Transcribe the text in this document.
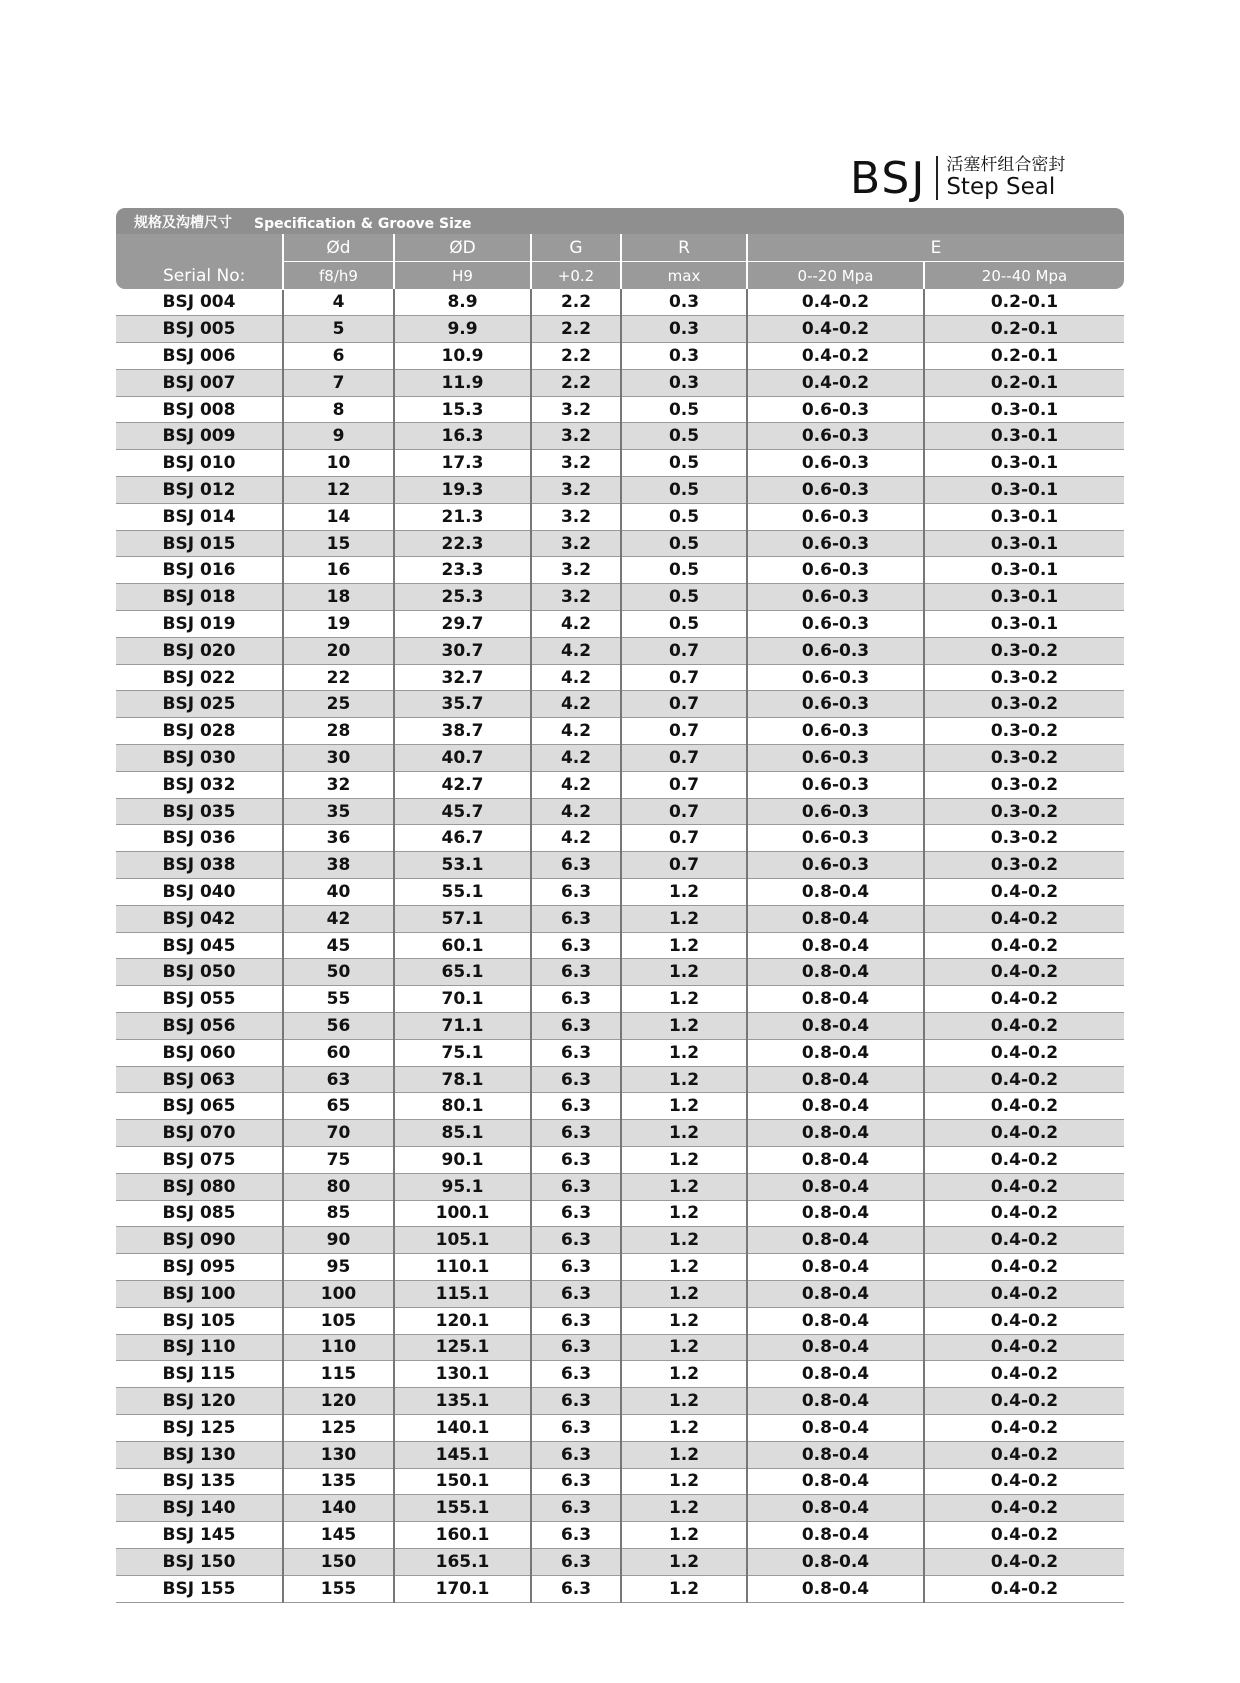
BSJ 活塞杆组合密封
Step Seal
规格及沟槽尺寸 Specification & Groove Size
Serial No:	Ød	ØD	G	R	E	
	f8/h9	H9	+0.2	max	0--20 Mpa	20--40 Mpa
BSJ 004	4	8.9	2.2	0.3	0.4-0.2	0.2-0.1
BSJ 005	5	9.9	2.2	0.3	0.4-0.2	0.2-0.1
BSJ 006	6	10.9	2.2	0.3	0.4-0.2	0.2-0.1
BSJ 007	7	11.9	2.2	0.3	0.4-0.2	0.2-0.1
BSJ 008	8	15.3	3.2	0.5	0.6-0.3	0.3-0.1
BSJ 009	9	16.3	3.2	0.5	0.6-0.3	0.3-0.1
BSJ 010	10	17.3	3.2	0.5	0.6-0.3	0.3-0.1
BSJ 012	12	19.3	3.2	0.5	0.6-0.3	0.3-0.1
BSJ 014	14	21.3	3.2	0.5	0.6-0.3	0.3-0.1
BSJ 015	15	22.3	3.2	0.5	0.6-0.3	0.3-0.1
BSJ 016	16	23.3	3.2	0.5	0.6-0.3	0.3-0.1
BSJ 018	18	25.3	3.2	0.5	0.6-0.3	0.3-0.1
BSJ 019	19	29.7	4.2	0.5	0.6-0.3	0.3-0.1
BSJ 020	20	30.7	4.2	0.7	0.6-0.3	0.3-0.2
BSJ 022	22	32.7	4.2	0.7	0.6-0.3	0.3-0.2
BSJ 025	25	35.7	4.2	0.7	0.6-0.3	0.3-0.2
BSJ 028	28	38.7	4.2	0.7	0.6-0.3	0.3-0.2
BSJ 030	30	40.7	4.2	0.7	0.6-0.3	0.3-0.2
BSJ 032	32	42.7	4.2	0.7	0.6-0.3	0.3-0.2
BSJ 035	35	45.7	4.2	0.7	0.6-0.3	0.3-0.2
BSJ 036	36	46.7	4.2	0.7	0.6-0.3	0.3-0.2
BSJ 038	38	53.1	6.3	0.7	0.6-0.3	0.3-0.2
BSJ 040	40	55.1	6.3	1.2	0.8-0.4	0.4-0.2
BSJ 042	42	57.1	6.3	1.2	0.8-0.4	0.4-0.2
BSJ 045	45	60.1	6.3	1.2	0.8-0.4	0.4-0.2
BSJ 050	50	65.1	6.3	1.2	0.8-0.4	0.4-0.2
BSJ 055	55	70.1	6.3	1.2	0.8-0.4	0.4-0.2
BSJ 056	56	71.1	6.3	1.2	0.8-0.4	0.4-0.2
BSJ 060	60	75.1	6.3	1.2	0.8-0.4	0.4-0.2
BSJ 063	63	78.1	6.3	1.2	0.8-0.4	0.4-0.2
BSJ 065	65	80.1	6.3	1.2	0.8-0.4	0.4-0.2
BSJ 070	70	85.1	6.3	1.2	0.8-0.4	0.4-0.2
BSJ 075	75	90.1	6.3	1.2	0.8-0.4	0.4-0.2
BSJ 080	80	95.1	6.3	1.2	0.8-0.4	0.4-0.2
BSJ 085	85	100.1	6.3	1.2	0.8-0.4	0.4-0.2
BSJ 090	90	105.1	6.3	1.2	0.8-0.4	0.4-0.2
BSJ 095	95	110.1	6.3	1.2	0.8-0.4	0.4-0.2
BSJ 100	100	115.1	6.3	1.2	0.8-0.4	0.4-0.2
BSJ 105	105	120.1	6.3	1.2	0.8-0.4	0.4-0.2
BSJ 110	110	125.1	6.3	1.2	0.8-0.4	0.4-0.2
BSJ 115	115	130.1	6.3	1.2	0.8-0.4	0.4-0.2
BSJ 120	120	135.1	6.3	1.2	0.8-0.4	0.4-0.2
BSJ 125	125	140.1	6.3	1.2	0.8-0.4	0.4-0.2
BSJ 130	130	145.1	6.3	1.2	0.8-0.4	0.4-0.2
BSJ 135	135	150.1	6.3	1.2	0.8-0.4	0.4-0.2
BSJ 140	140	155.1	6.3	1.2	0.8-0.4	0.4-0.2
BSJ 145	145	160.1	6.3	1.2	0.8-0.4	0.4-0.2
BSJ 150	150	165.1	6.3	1.2	0.8-0.4	0.4-0.2
BSJ 155	155	170.1	6.3	1.2	0.8-0.4	0.4-0.2
